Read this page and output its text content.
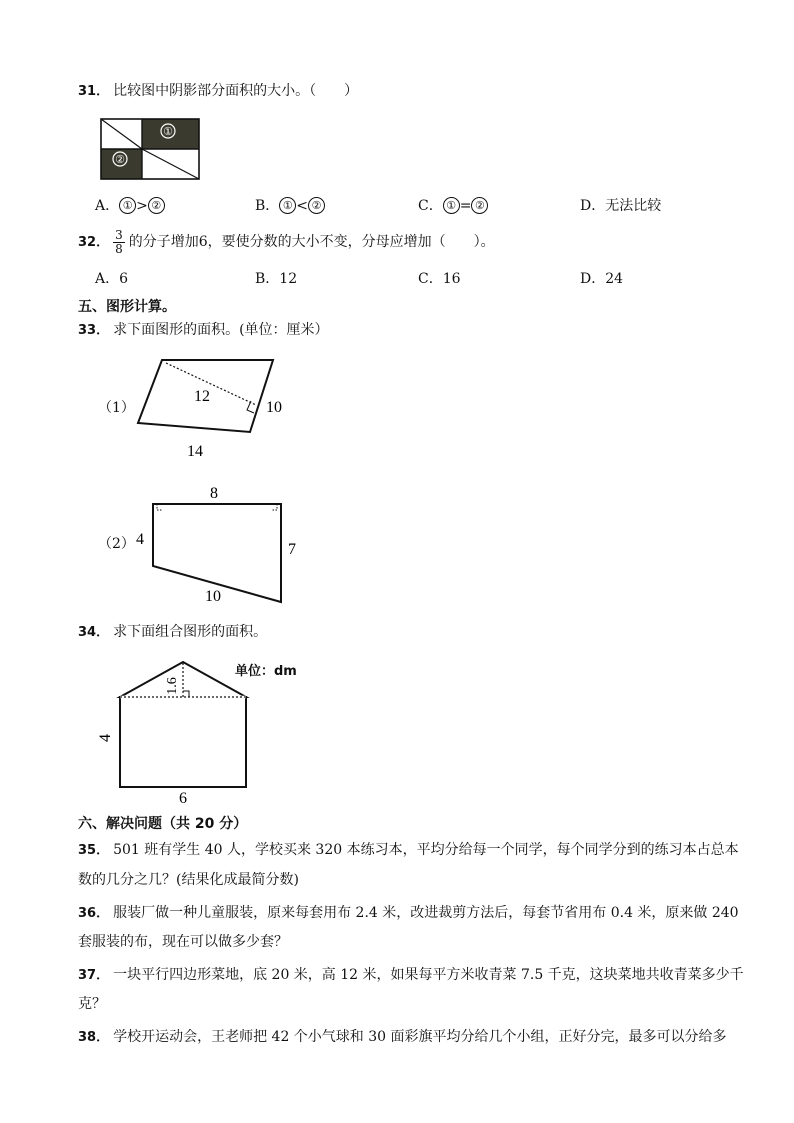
31． 比较图中阴影部分面积的大小。（　　）
①
②
A． ① > ②	B． ① < ②	C． ① = ②	D．无法比较
32． $\frac{3}{8}$ 的分子增加6，要使分数的大小不变，分母应增加（　　）。
A．6	B．12	C．16	D．24
五、图形计算。
33． 求下面图形的面积。(单位：厘米）
（1）
12
10
14
（2）
8
4
7
10
34． 求下面组合图形的面积。
单位：dm
1.6
4
6
六、解决问题（共 20 分）
35． 501 班有学生 40 人，学校买来 320 本练习本，平均分给每一个同学，每个同学分到的练习本占总本
数的几分之几？(结果化成最简分数)
36． 服装厂做一种儿童服装，原来每套用布 2.4 米，改进裁剪方法后，每套节省用布 0.4 米，原来做 240
套服装的布，现在可以做多少套？
37． 一块平行四边形菜地，底 20 米，高 12 米，如果每平方米收青菜 7.5 千克，这块菜地共收青菜多少千
克？
38． 学校开运动会，王老师把 42 个小气球和 30 面彩旗平均分给几个小组，正好分完，最多可以分给多
